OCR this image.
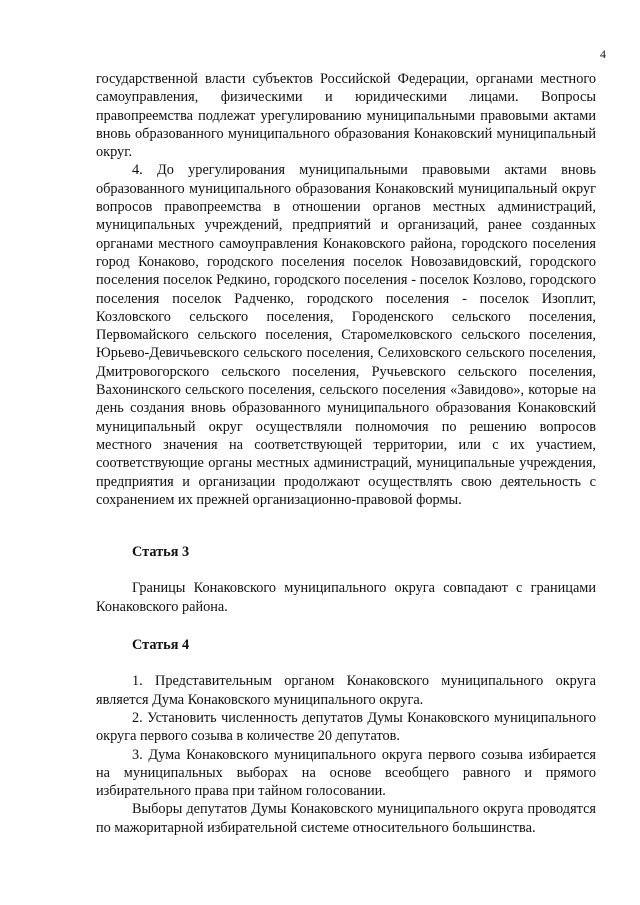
4

государственной власти субъектов Российской Федерации, органами местного самоуправления, физическими и юридическими лицами. Вопросы правопреемства подлежат урегулированию муниципальными правовыми актами вновь образованного муниципального образования Конаковский муниципальный округ.

4. До урегулирования муниципальными правовыми актами вновь образованного муниципального образования Конаковский муниципальный округ вопросов правопреемства в отношении органов местных администраций, муниципальных учреждений, предприятий и организаций, ранее созданных органами местного самоуправления Конаковского района, городского поселения город Конаково, городского поселения поселок Новозавидовский, городского поселения поселок Редкино, городского поселения - поселок Козлово, городского поселения поселок Радченко, городского поселения - поселок Изоплит, Козловского сельского поселения, Городенского сельского поселения, Первомайского сельского поселения, Старомелковского сельского поселения, Юрьево-Девичьевского сельского поселения, Селиховского сельского поселения, Дмитровогорского сельского поселения, Ручьевского сельского поселения, Вахонинского сельского поселения, сельского поселения «Завидово», которые на день создания вновь образованного муниципального образования Конаковский муниципальный округ осуществляли полномочия по решению вопросов местного значения на соответствующей территории, или с их участием, соответствующие органы местных администраций, муниципальные учреждения, предприятия и организации продолжают осуществлять свою деятельность с сохранением их прежней организационно-правовой формы.

Статья 3

Границы Конаковского муниципального округа совпадают с границами Конаковского района.

Статья 4

1. Представительным органом Конаковского муниципального округа является Дума Конаковского муниципального округа.

2. Установить численность депутатов Думы Конаковского муниципального округа первого созыва в количестве 20 депутатов.

3. Дума Конаковского муниципального округа первого созыва избирается на муниципальных выборах на основе всеобщего равного и прямого избирательного права при тайном голосовании.

Выборы депутатов Думы Конаковского муниципального округа проводятся по мажоритарной избирательной системе относительного большинства.
